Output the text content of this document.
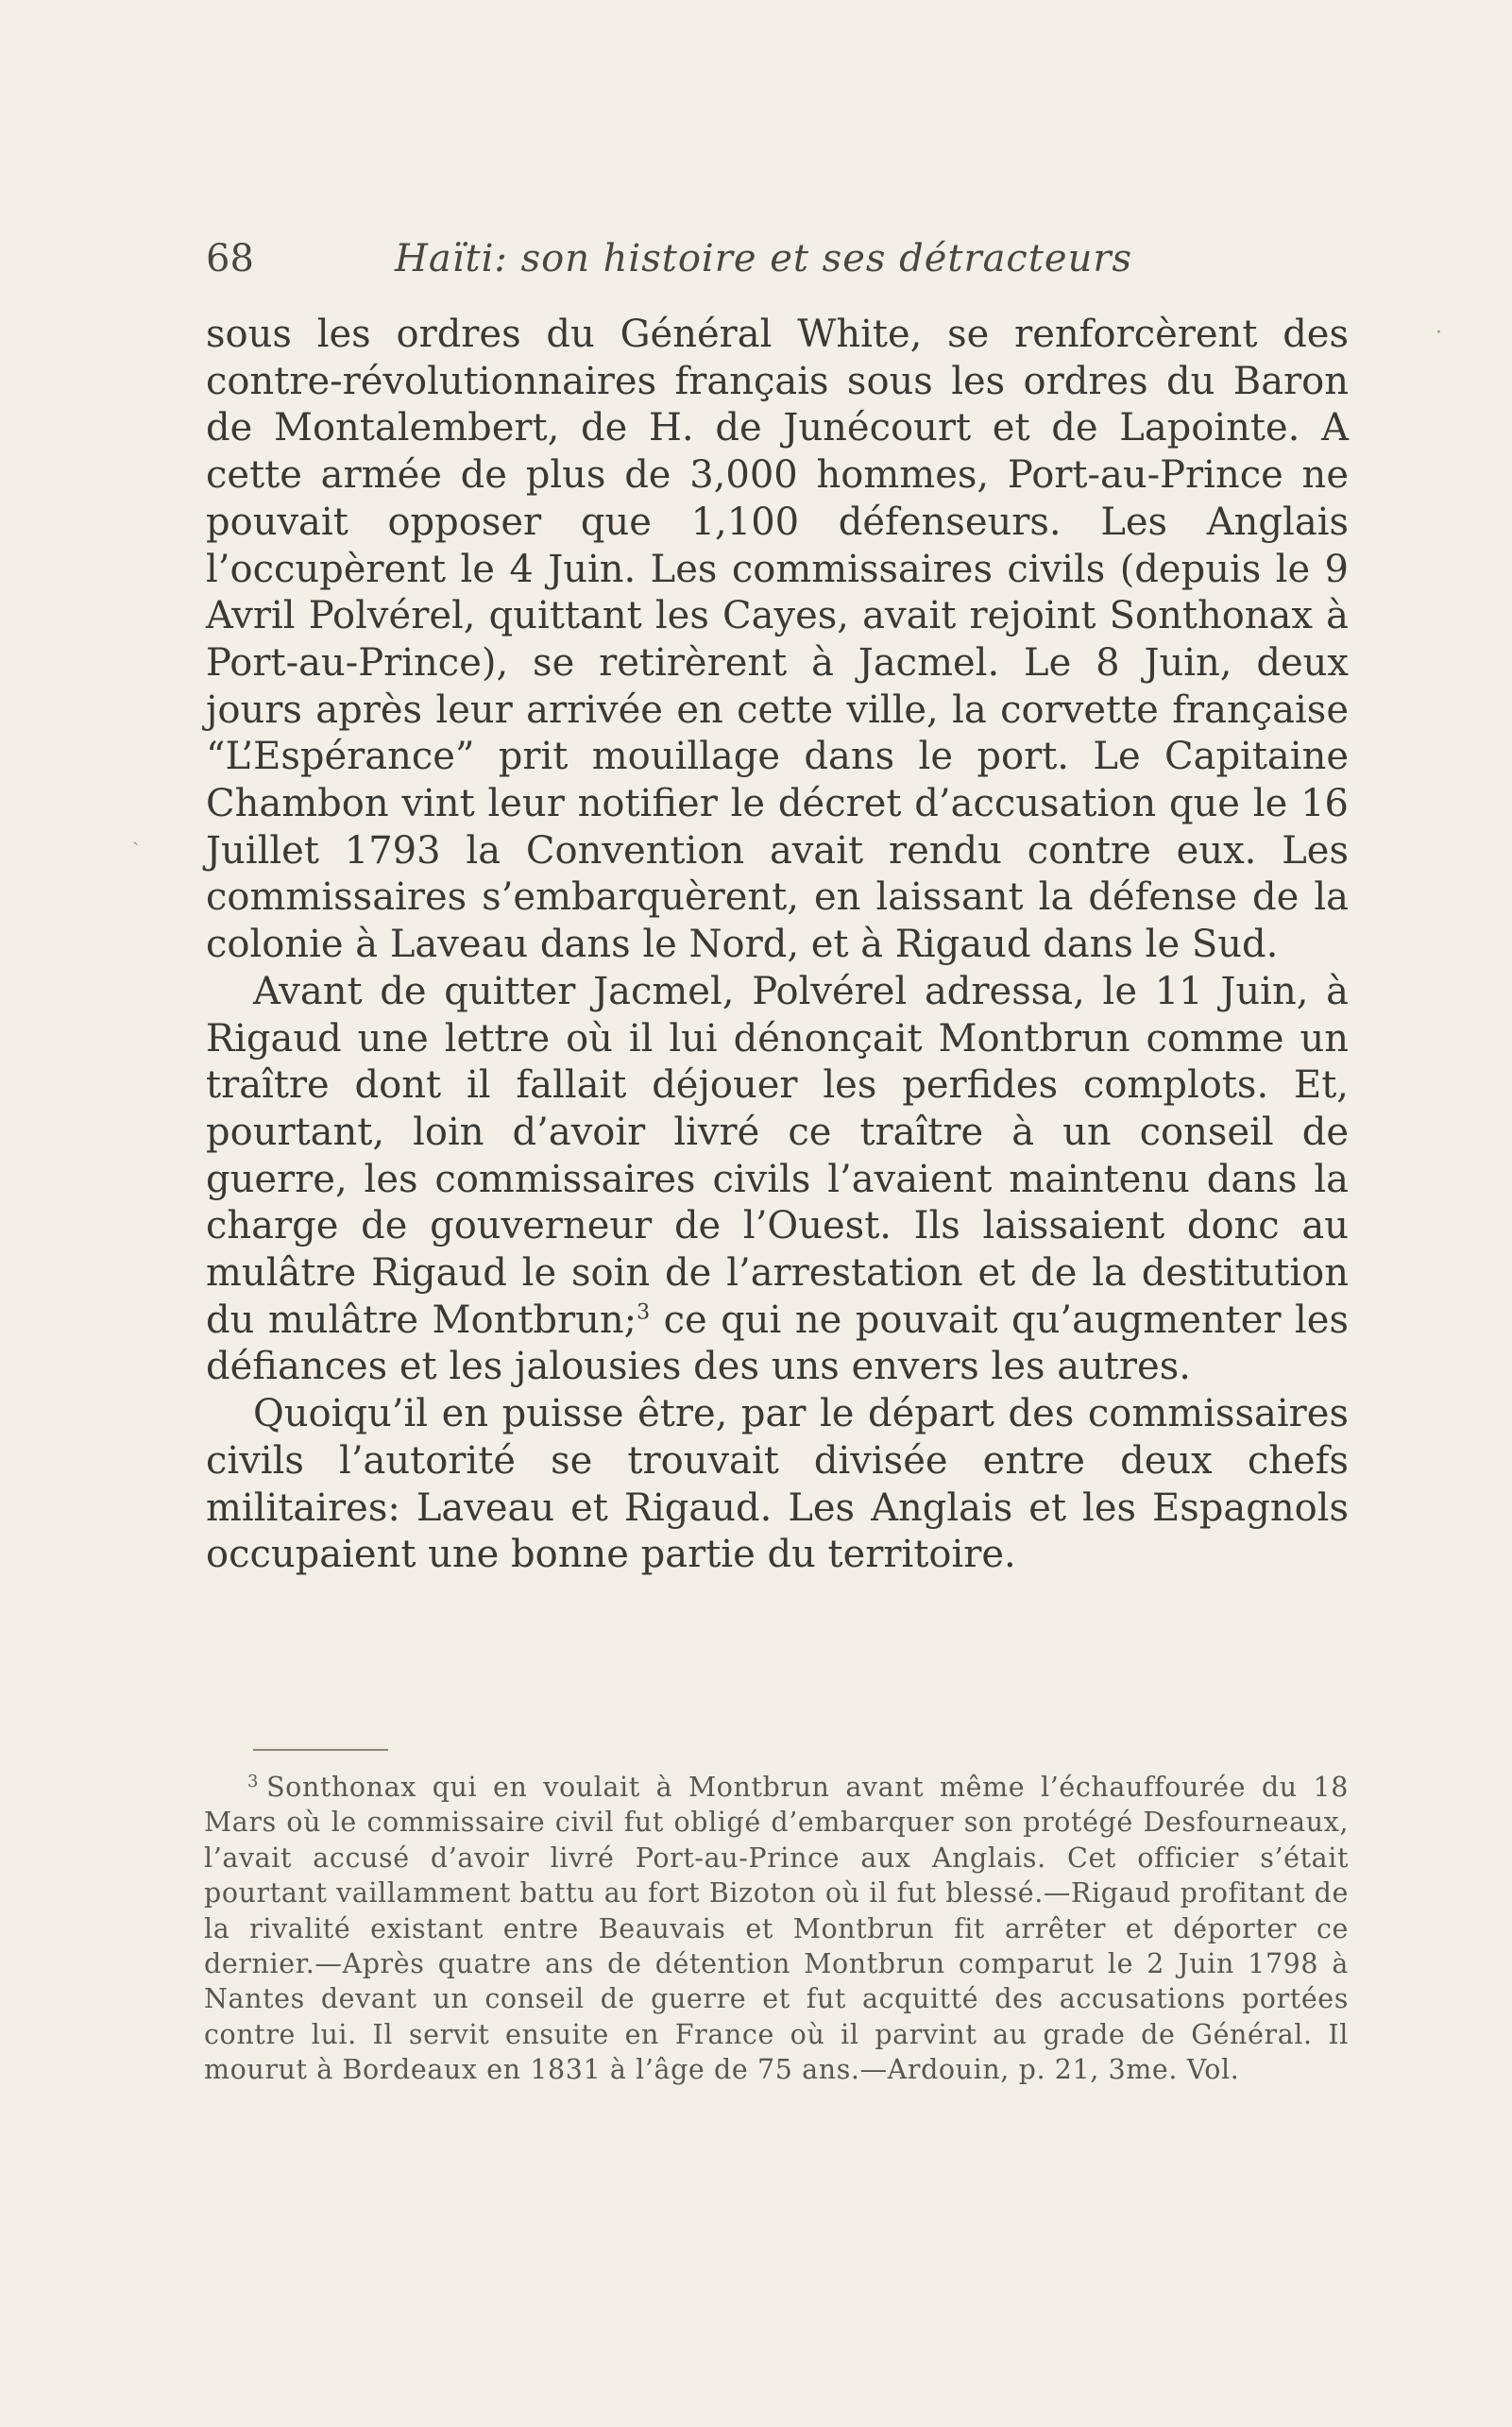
68	Haïti: son histoire et ses détracteurs

sous les ordres du Général White, se renforcèrent des contre-révolutionnaires français sous les ordres du Baron de Montalembert, de H. de Junécourt et de Lapointe. A cette armée de plus de 3,000 hommes, Port-au-Prince ne pouvait opposer que 1,100 défenseurs. Les Anglais l’occupèrent le 4 Juin. Les commissaires civils (depuis le 9 Avril Polvérel, quittant les Cayes, avait rejoint Sonthonax à Port-au-Prince), se retirèrent à Jacmel. Le 8 Juin, deux jours après leur arrivée en cette ville, la corvette française “L’Espérance” prit mouillage dans le port. Le Capitaine Chambon vint leur notifier le décret d’accusation que le 16 Juillet 1793 la Convention avait rendu contre eux. Les commissaires s’embarquèrent, en laissant la défense de la colonie à Laveau dans le Nord, et à Rigaud dans le Sud.

Avant de quitter Jacmel, Polvérel adressa, le 11 Juin, à Rigaud une lettre où il lui dénonçait Montbrun comme un traître dont il fallait déjouer les perfides complots. Et, pourtant, loin d’avoir livré ce traître à un conseil de guerre, les commissaires civils l’avaient maintenu dans la charge de gouverneur de l’Ouest. Ils laissaient donc au mulâtre Rigaud le soin de l’arrestation et de la destitution du mulâtre Montbrun;$^3$ ce qui ne pouvait qu’augmenter les défiances et les jalousies des uns envers les autres.

Quoiqu’il en puisse être, par le départ des commissaires civils l’autorité se trouvait divisée entre deux chefs militaires: Laveau et Rigaud. Les Anglais et les Espagnols occupaient une bonne partie du territoire.

$^3$ Sonthonax qui en voulait à Montbrun avant même l’échauffourée du 18 Mars où le commissaire civil fut obligé d’embarquer son protégé Desfourneaux, l’avait accusé d’avoir livré Port-au-Prince aux Anglais. Cet officier s’était pourtant vaillamment battu au fort Bizoton où il fut blessé.—Rigaud profitant de la rivalité existant entre Beauvais et Montbrun fit arrêter et déporter ce dernier.—Après quatre ans de détention Montbrun comparut le 2 Juin 1798 à Nantes devant un conseil de guerre et fut acquitté des accusations portées contre lui. Il servit ensuite en France où il parvint au grade de Général. Il mourut à Bordeaux en 1831 à l’âge de 75 ans.—Ardouin, p. 21, 3me. Vol.
·
ˎ
